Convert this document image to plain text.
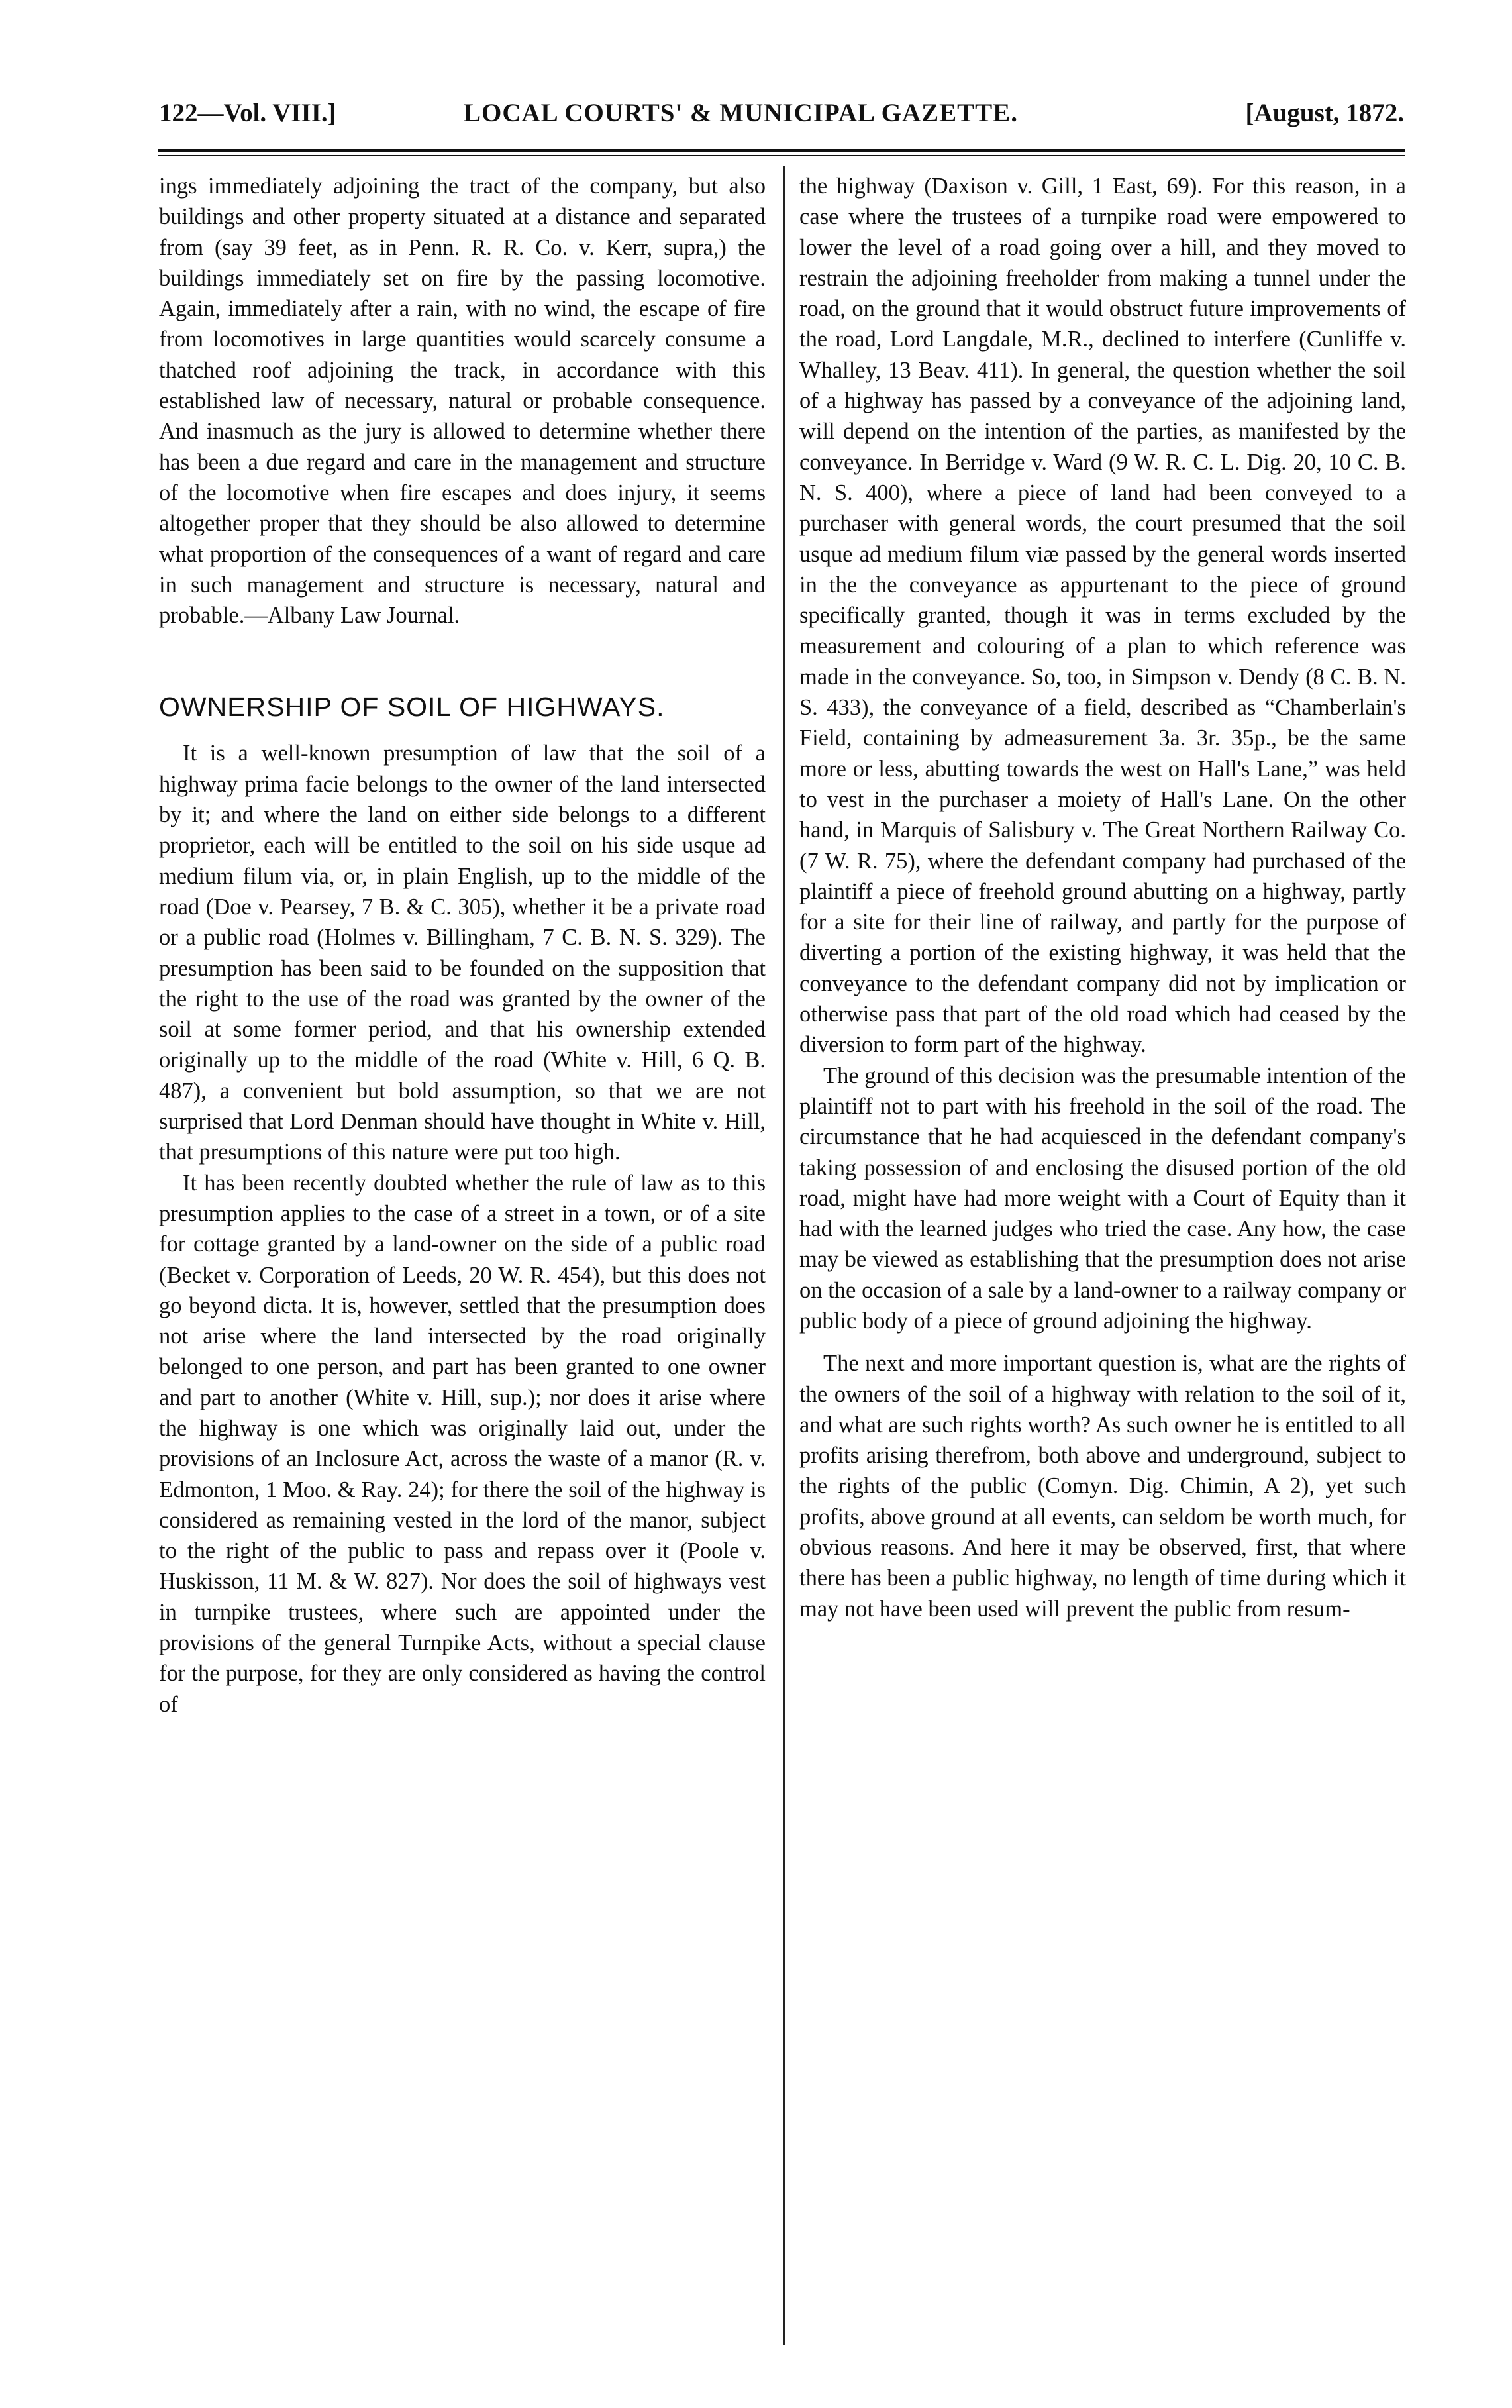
122—Vol. VIII.]	LOCAL COURTS' & MUNICIPAL GAZETTE.	[August, 1872.

ings immediately adjoining the tract of the company, but also buildings and other property situated at a distance and separated from (say 39 feet, as in Penn. R. R. Co. v. Kerr, supra,) the buildings immediately set on fire by the passing locomotive. Again, immediately after a rain, with no wind, the escape of fire from locomotives in large quantities would scarcely consume a thatched roof adjoining the track, in accordance with this established law of necessary, natural or probable consequence. And inasmuch as the jury is allowed to determine whether there has been a due regard and care in the management and structure of the locomotive when fire escapes and does injury, it seems altogether proper that they should be also allowed to determine what proportion of the consequences of a want of regard and care in such management and structure is necessary, natural and probable.—Albany Law Journal.

OWNERSHIP OF SOIL OF HIGHWAYS.

It is a well-known presumption of law that the soil of a highway prima facie belongs to the owner of the land intersected by it; and where the land on either side belongs to a different proprietor, each will be entitled to the soil on his side usque ad medium filum via, or, in plain English, up to the middle of the road (Doe v. Pearsey, 7 B. & C. 305), whether it be a private road or a public road (Holmes v. Billingham, 7 C. B. N. S. 329). The presumption has been said to be founded on the supposition that the right to the use of the road was granted by the owner of the soil at some former period, and that his ownership extended originally up to the middle of the road (White v. Hill, 6 Q. B. 487), a convenient but bold assumption, so that we are not surprised that Lord Denman should have thought in White v. Hill, that presumptions of this nature were put too high.

It has been recently doubted whether the rule of law as to this presumption applies to the case of a street in a town, or of a site for cottage granted by a land-owner on the side of a public road (Becket v. Corporation of Leeds, 20 W. R. 454), but this does not go beyond dicta. It is, however, settled that the presumption does not arise where the land intersected by the road originally belonged to one person, and part has been granted to one owner and part to another (White v. Hill, sup.); nor does it arise where the highway is one which was originally laid out, under the provisions of an Inclosure Act, across the waste of a manor (R. v. Edmonton, 1 Moo. & Ray. 24); for there the soil of the highway is considered as remaining vested in the lord of the manor, subject to the right of the public to pass and repass over it (Poole v. Huskisson, 11 M. & W. 827). Nor does the soil of highways vest in turnpike trustees, where such are appointed under the provisions of the general Turnpike Acts, without a special clause for the purpose, for they are only considered as having the control of

the highway (Daxison v. Gill, 1 East, 69). For this reason, in a case where the trustees of a turnpike road were empowered to lower the level of a road going over a hill, and they moved to restrain the adjoining freeholder from making a tunnel under the road, on the ground that it would obstruct future improvements of the road, Lord Langdale, M.R., declined to interfere (Cunliffe v. Whalley, 13 Beav. 411). In general, the question whether the soil of a highway has passed by a conveyance of the adjoining land, will depend on the intention of the parties, as manifested by the conveyance. In Berridge v. Ward (9 W. R. C. L. Dig. 20, 10 C. B. N. S. 400), where a piece of land had been conveyed to a purchaser with general words, the court presumed that the soil usque ad medium filum viæ passed by the general words inserted in the the conveyance as appurtenant to the piece of ground specifically granted, though it was in terms excluded by the measurement and colouring of a plan to which reference was made in the conveyance. So, too, in Simpson v. Dendy (8 C. B. N. S. 433), the conveyance of a field, described as “Chamberlain's Field, containing by admeasurement 3a. 3r. 35p., be the same more or less, abutting towards the west on Hall's Lane,” was held to vest in the purchaser a moiety of Hall's Lane. On the other hand, in Marquis of Salisbury v. The Great Northern Railway Co. (7 W. R. 75), where the defendant company had purchased of the plaintiff a piece of freehold ground abutting on a highway, partly for a site for their line of railway, and partly for the purpose of diverting a portion of the existing highway, it was held that the conveyance to the defendant company did not by implication or otherwise pass that part of the old road which had ceased by the diversion to form part of the highway.

The ground of this decision was the presumable intention of the plaintiff not to part with his freehold in the soil of the road. The circumstance that he had acquiesced in the defendant company's taking possession of and enclosing the disused portion of the old road, might have had more weight with a Court of Equity than it had with the learned judges who tried the case. Any how, the case may be viewed as establishing that the presumption does not arise on the occasion of a sale by a land-owner to a railway company or public body of a piece of ground adjoining the highway.

The next and more important question is, what are the rights of the owners of the soil of a highway with relation to the soil of it, and what are such rights worth? As such owner he is entitled to all profits arising therefrom, both above and underground, subject to the rights of the public (Comyn. Dig. Chimin, A 2), yet such profits, above ground at all events, can seldom be worth much, for obvious reasons. And here it may be observed, first, that where there has been a public highway, no length of time during which it may not have been used will prevent the public from resum-
